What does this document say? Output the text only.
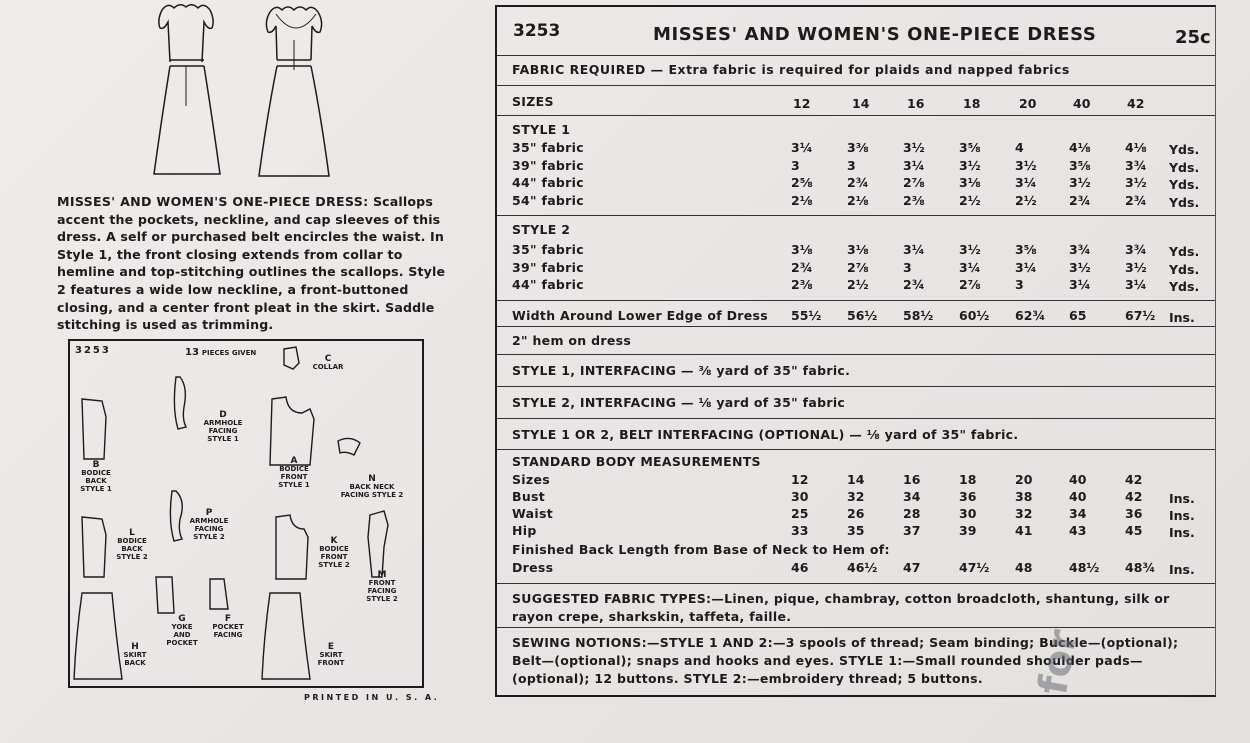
MISSES' AND WOMEN'S ONE-PIECE DRESS: Scallops accent the pockets, neckline, and cap sleeves of this dress. A self or purchased belt encircles the waist. In Style 1, the front closing extends from collar to hemline and top-stitching outlines the scallops. Style 2 features a wide low neckline, a front-buttoned closing, and a center front pleat in the skirt. Saddle stitching is used as trimming.

3253	13 PIECES GIVEN
C
COLLAR
D
ARMHOLE FACING STYLE 1
B
BODICE BACK STYLE 1
A
BODICE FRONT STYLE 1
N
BACK NECK FACING STYLE 2
P
ARMHOLE FACING STYLE 2
L
BODICE BACK STYLE 2
K
BODICE FRONT STYLE 2
M
FRONT FACING STYLE 2
G
YOKE AND POCKET
F
POCKET FACING
H
SKIRT BACK
E
SKIRT FRONT
PRINTED IN U. S. A.
3253	MISSES' AND WOMEN'S ONE-PIECE DRESS	25c
FABRIC REQUIRED — Extra fabric is required for plaids and napped fabrics
SIZES	12	14	16	18	20	40	42
STYLE 1
35" fabric	3¼	3⅜	3½	3⅝	4	4⅛	4⅛ Yds.
39" fabric	3	3	3¼	3½	3½	3⅝	3¾ Yds.
44" fabric	2⅝	2¾	2⅞	3⅛	3¼	3½	3½ Yds.
54" fabric	2⅛	2⅛	2⅜	2½	2½	2¾	2¾ Yds.
STYLE 2
35" fabric	3⅛	3⅛	3¼	3½	3⅝	3¾	3¾ Yds.
39" fabric	2¾	2⅞	3	3¼	3¼	3½	3½ Yds.
44" fabric	2⅜	2½	2¾	2⅞	3	3¼	3¼ Yds.
Width Around Lower Edge of Dress 55½ 56½ 58½ 60½ 62¾ 65	67½ Ins.
2" hem on dress
STYLE 1, INTERFACING — ⅜ yard of 35" fabric.
STYLE 2, INTERFACING — ⅛ yard of 35" fabric
STYLE 1 OR 2, BELT INTERFACING (OPTIONAL) — ⅛ yard of 35" fabric.
STANDARD BODY MEASUREMENTS
Finished Back Length from Base of Neck to Hem of:
Sizes	12	14	16	18	20	40	42
Bust	30	32	34	36	38	40	42 Ins.
Waist	25	26	28	30	32	34	36 Ins.
Hip	33	35	37	39	41	43	45 Ins.
Dress	46	46½ 47	47½ 48	48½ 48¾ Ins.
SUGGESTED FABRIC TYPES:—Linen, pique, chambray, cotton broadcloth, shantung, silk or rayon crepe, sharkskin, taffeta, faille.
SEWING NOTIONS:—STYLE 1 AND 2:—3 spools of thread; Seam binding; Buckle—(optional); Belt—(optional); snaps and hooks and eyes. STYLE 1:—Small rounded shoulder pads—(optional); 12 buttons. STYLE 2:—embroidery thread; 5 buttons.	for
